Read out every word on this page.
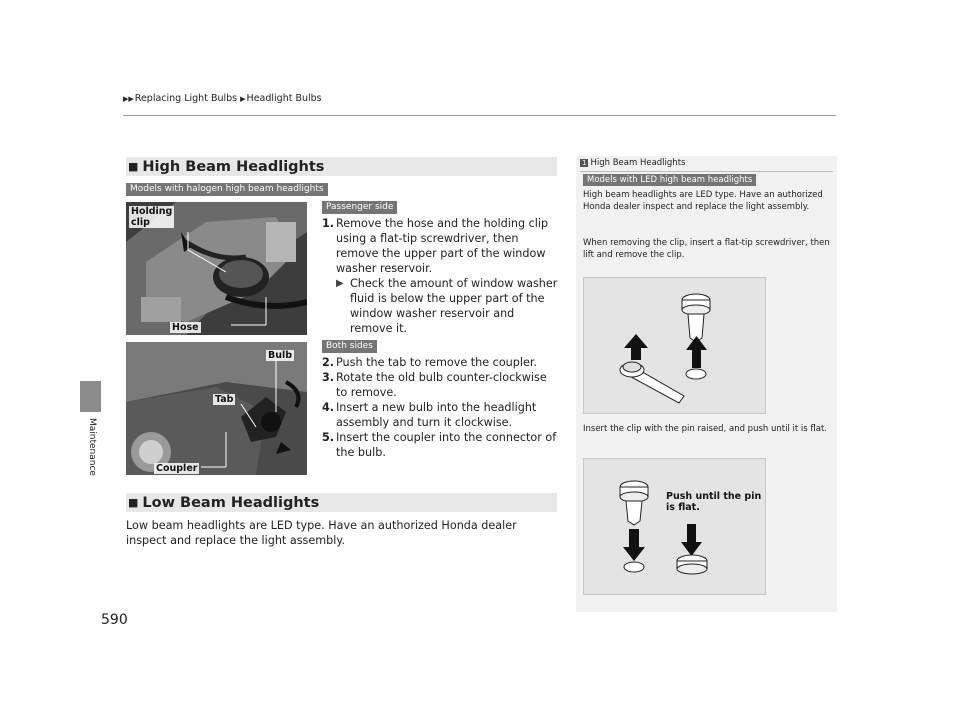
▶▶Replacing Light Bulbs ▶Headlight Bulbs
Maintenance
590
■ High Beam Headlights
Models with halogen high beam headlights
Holding
clip
Hose
Bulb
Tab
Coupler
Passenger side
1. Remove the hose and the holding clip using a flat-tip screwdriver, then remove the upper part of the window washer reservoir.
▶ Check the amount of window washer fluid is below the upper part of the window washer reservoir and remove it.
Both sides
2. Push the tab to remove the coupler.
3. Rotate the old bulb counter-clockwise to remove.
4. Insert a new bulb into the headlight assembly and turn it clockwise.
5. Insert the coupler into the connector of the bulb.
■ Low Beam Headlights
Low beam headlights are LED type. Have an authorized Honda dealer inspect and replace the light assembly.
1 High Beam Headlights
Models with LED high beam headlights
High beam headlights are LED type. Have an authorized Honda dealer inspect and replace the light assembly.
When removing the clip, insert a flat-tip screwdriver, then lift and remove the clip.
Insert the clip with the pin raised, and push until it is flat.
Push until the pin
is flat.
